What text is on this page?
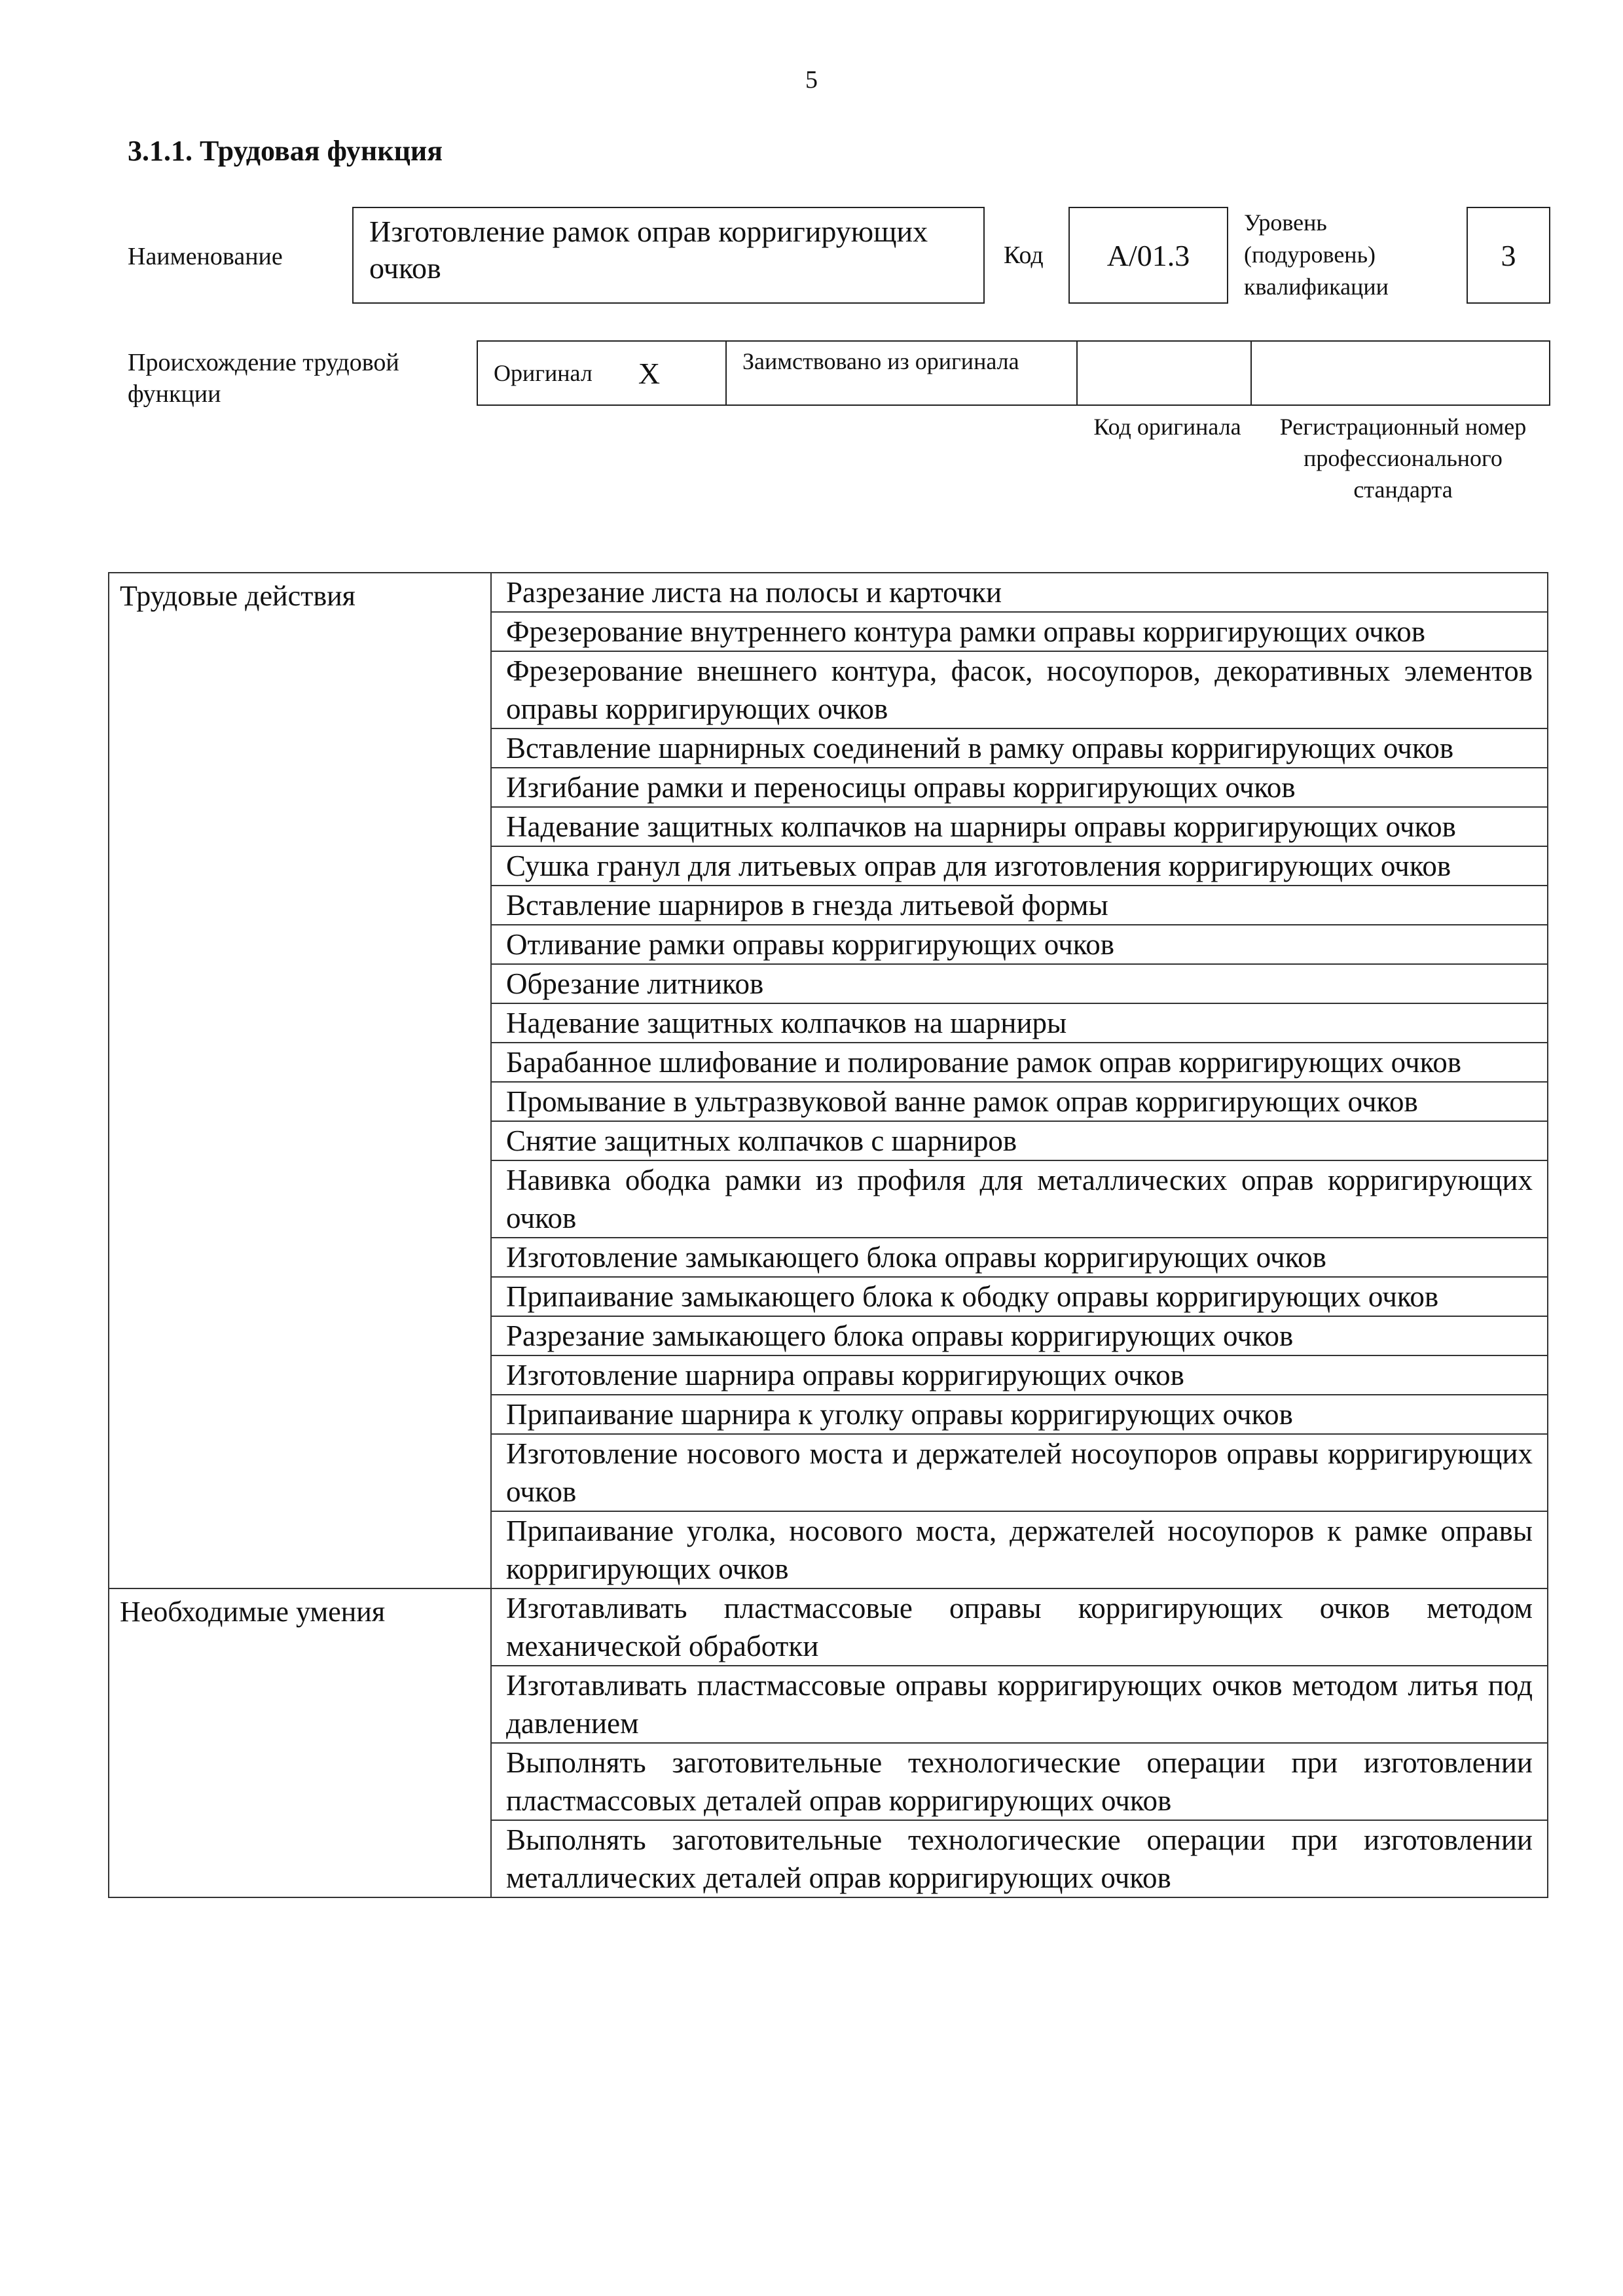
5
3.1.1. Трудовая функция
Наименование
Изготовление рамок оправ корригирующих очков	Код	A/01.3
Уровень (подуровень) квалификации
3
Происхождение трудовой функции
Оригинал X	Заимствовано из оригинала
Код оригинала	Регистрационный номер профессионального стандарта
Трудовые действия	Разрезание листа на полосы и карточки
	Фрезерование внутреннего контура рамки оправы корригирующих очков
	Фрезерование внешнего контура, фасок, носоупоров, декоративных элементов оправы корригирующих очков
	Вставление шарнирных соединений в рамку оправы корригирующих очков
	Изгибание рамки и переносицы оправы корригирующих очков
	Надевание защитных колпачков на шарниры оправы корригирующих очков
	Сушка гранул для литьевых оправ для изготовления корригирующих очков
	Вставление шарниров в гнезда литьевой формы
	Отливание рамки оправы корригирующих очков
	Обрезание литников
	Надевание защитных колпачков на шарниры
	Барабанное шлифование и полирование рамок оправ корригирующих очков
	Промывание в ультразвуковой ванне рамок оправ корригирующих очков
	Снятие защитных колпачков с шарниров
	Навивка ободка рамки из профиля для металлических оправ корригирующих очков
	Изготовление замыкающего блока оправы корригирующих очков
	Припаивание замыкающего блока к ободку оправы корригирующих очков
	Разрезание замыкающего блока оправы корригирующих очков
	Изготовление шарнира оправы корригирующих очков
	Припаивание шарнира к уголку оправы корригирующих очков
	Изготовление носового моста и держателей носоупоров оправы корригирующих очков
	Припаивание уголка, носового моста, держателей носоупоров к рамке оправы корригирующих очков
Необходимые умения	Изготавливать пластмассовые оправы корригирующих очков методом механической обработки
	Изготавливать пластмассовые оправы корригирующих очков методом литья под давлением
	Выполнять заготовительные технологические операции при изготовлении пластмассовых деталей оправ корригирующих очков
	Выполнять заготовительные технологические операции при изготовлении металлических деталей оправ корригирующих очков
